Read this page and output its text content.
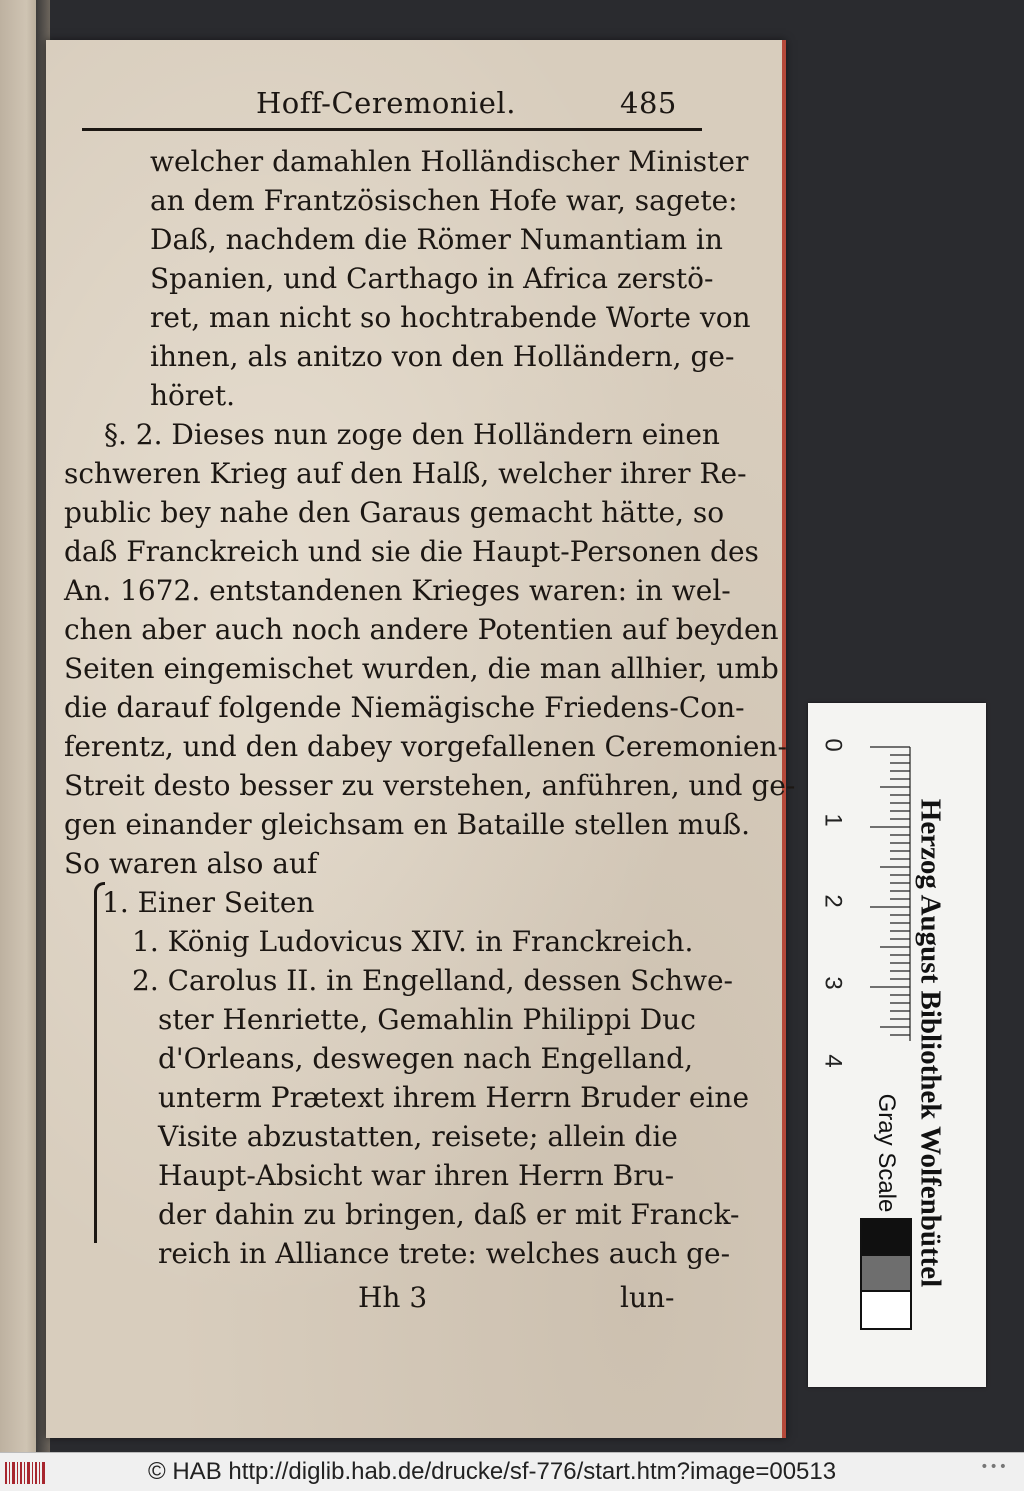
Hoff-Ceremoniel.	485
welcher damahlen Holländischer Minister
an dem Frantzösischen Hofe war, sagete:
Daß, nachdem die Römer Numantiam in
Spanien, und Carthago in Africa zerstö-
ret, man nicht so hochtrabende Worte von
ihnen, als anitzo von den Holländern, ge-
höret.
§. 2. Dieses nun zoge den Holländern einen
schweren Krieg auf den Halß, welcher ihrer Re-
public bey nahe den Garaus gemacht hätte, so
daß Franckreich und sie die Haupt-Personen des
An. 1672. entstandenen Krieges waren: in wel-
chen aber auch noch andere Potentien auf beyden
Seiten eingemischet wurden, die man allhier, umb
die darauf folgende Niemägische Friedens-Con-
ferentz, und den dabey vorgefallenen Ceremonien-
Streit desto besser zu verstehen, anführen, und ge-
gen einander gleichsam en Bataille stellen muß.
So waren also auf
1. Einer Seiten
1. König Ludovicus XIV. in Franckreich.
2. Carolus II. in Engelland, dessen Schwe-
ster Henriette, Gemahlin Philippi Duc
d'Orleans, deswegen nach Engelland,
unterm Prætext ihrem Herrn Bruder eine
Visite abzustatten, reisete; allein die
Haupt-Absicht war ihren Herrn Bru-
der dahin zu bringen, daß er mit Franck-
reich in Alliance trete: welches auch ge-
Hh 3	lun-
0
1
2
3
4
Gray Scale Herzog August Bibliothek Wolfenbüttel
© HAB http://diglib.hab.de/drucke/sf-776/start.htm?image=00513	•••
